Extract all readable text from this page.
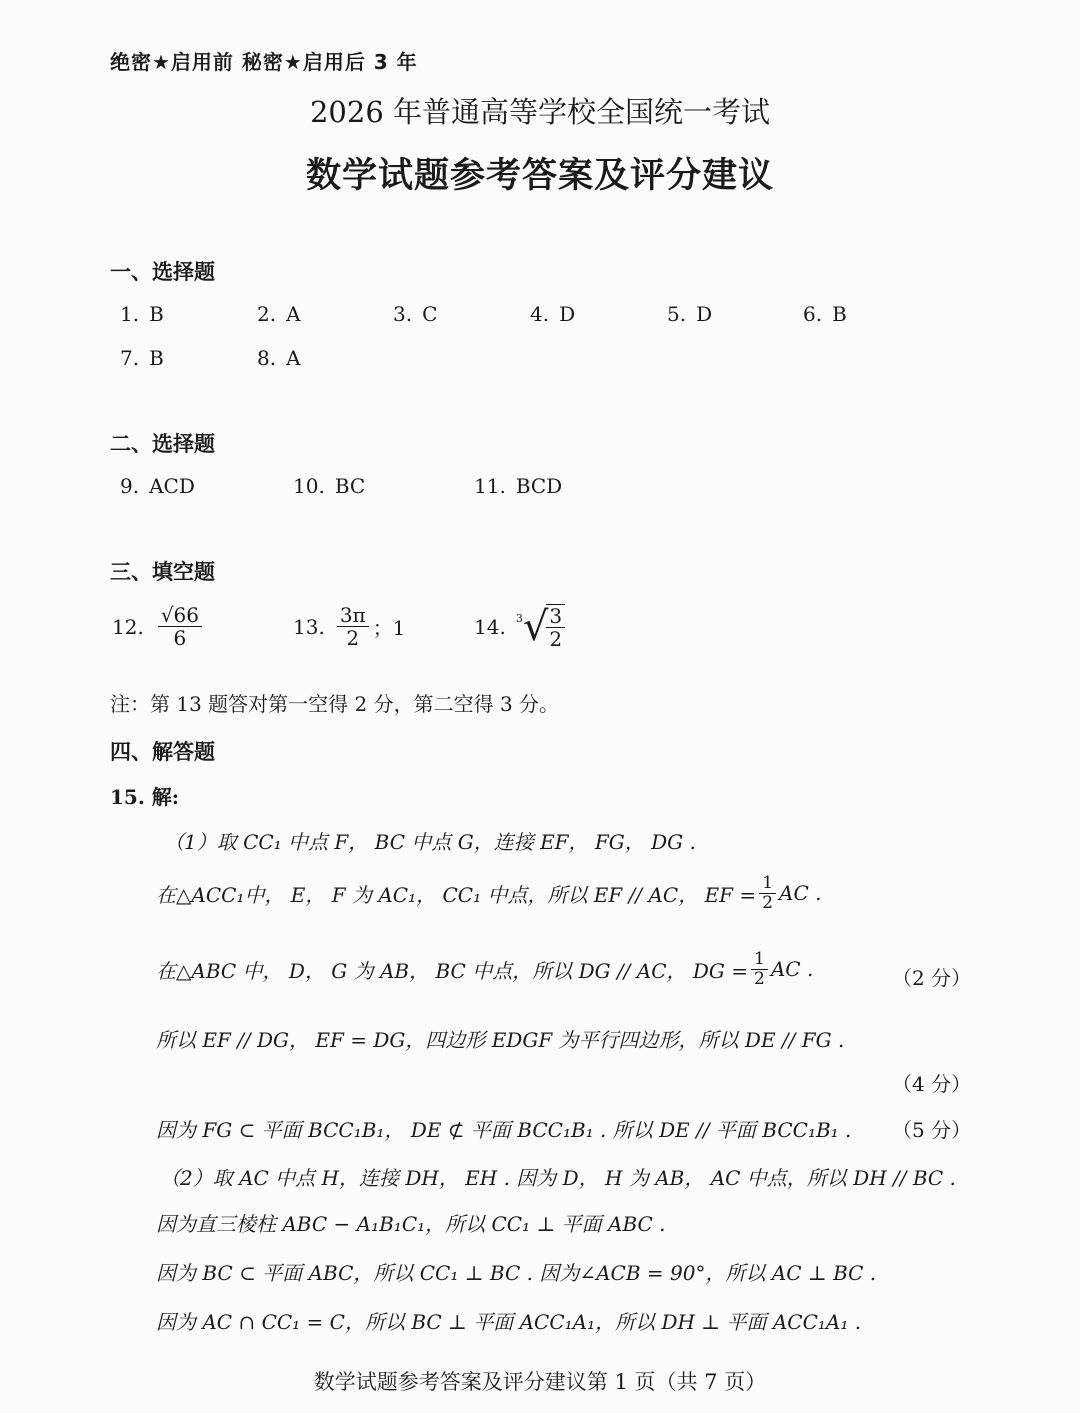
绝密★启用前 秘密★启用后 3 年
2026 年普通高等学校全国统一考试
数学试题参考答案及评分建议
一、选择题
1. B	2. A	3. C	4. D	5. D	6. B
7. B	8. A
二、选择题
9. ACD	10. BC	11. BCD
三、填空题
12. $\frac{√66}{6}$	13. $\frac{3\pi}{2}$ ；1	14. 3 √
$\frac{3}{2}$
注：第 13 题答对第一空得 2 分，第二空得 3 分。
四、解答题
15. 解:
（1）取 CC₁ 中点 F， BC 中点 G，连接 EF， FG， DG .
在△ACC₁中， E， F 为 AC₁， CC₁ 中点，所以 EF // AC， EF = $\frac{1}{2}$ AC .
在△ABC 中， D， G 为 AB， BC 中点，所以 DG // AC， DG = $\frac{1}{2}$ AC .	（2 分）
所以 EF // DG， EF = DG，四边形 EDGF 为平行四边形，所以 DE // FG .
（4 分）
因为 FG ⊂ 平面 BCC₁B₁， DE ⊄ 平面 BCC₁B₁ . 所以 DE // 平面 BCC₁B₁ . （5 分）
（2）取 AC 中点 H，连接 DH， EH . 因为 D， H 为 AB， AC 中点，所以 DH // BC .
因为直三棱柱 ABC − A₁B₁C₁，所以 CC₁ ⊥ 平面 ABC .
因为 BC ⊂ 平面 ABC，所以 CC₁ ⊥ BC . 因为∠ACB = 90°，所以 AC ⊥ BC .
因为 AC ∩ CC₁ = C，所以 BC ⊥ 平面 ACC₁A₁，所以 DH ⊥ 平面 ACC₁A₁ .
数学试题参考答案及评分建议第 1 页（共 7 页）
